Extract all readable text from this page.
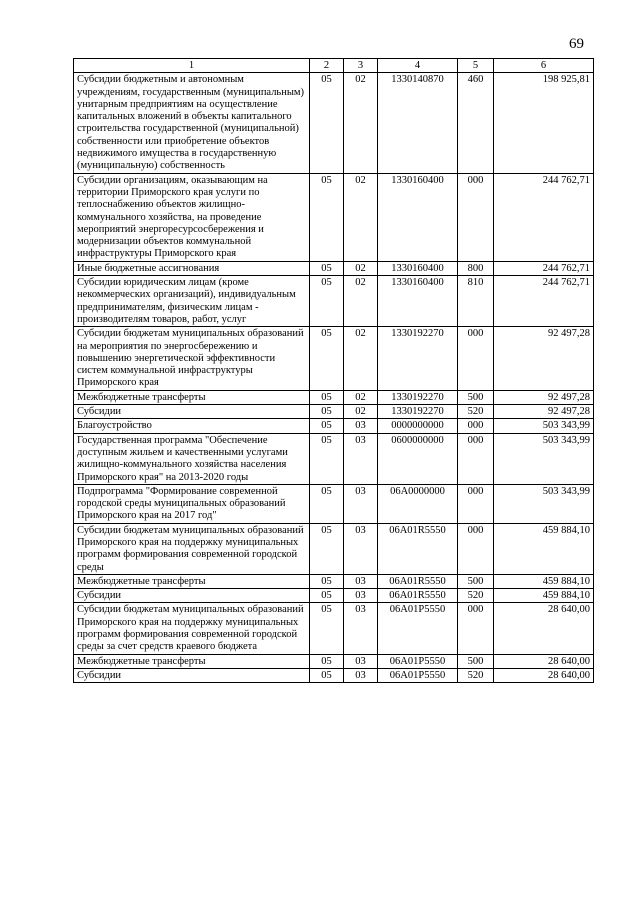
69
1	2	3	4	5	6
Субсидии бюджетным и автономным учреждениям, государственным (муниципальным) унитарным предприятиям на осуществление капитальных вложений в объекты капитального строительства государственной (муниципальной) собственности или приобретение объектов недвижимого имущества в государственную (муниципальную) собственность	05	02	1330140870	460	198 925,81
Субсидии организациям, оказывающим на территории Приморского края услуги по теплоснабжению объектов жилищно-коммунального хозяйства, на проведение мероприятий энергоресурсосбережения и модернизации объектов коммунальной инфраструктуры Приморского края	05	02	1330160400	000	244 762,71
Иные бюджетные ассигнования	05	02	1330160400	800	244 762,71
Субсидии юридическим лицам (кроме некоммерческих организаций), индивидуальным предпринимателям, физическим лицам - производителям товаров, работ, услуг	05	02	1330160400	810	244 762,71
Субсидии бюджетам муниципальных образований на мероприятия по энергосбережению и повышению энергетической эффективности систем коммунальной инфраструктуры Приморского края	05	02	1330192270	000	92 497,28
Межбюджетные трансферты	05	02	1330192270	500	92 497,28
Субсидии	05	02	1330192270	520	92 497,28
Благоустройство	05	03	0000000000	000	503 343,99
Государственная программа "Обеспечение доступным жильем и качественными услугами жилищно-коммунального хозяйства населения Приморского края" на 2013-2020 годы	05	03	0600000000	000	503 343,99
Подпрограмма "Формирование современной городской среды муниципальных образований Приморского края на 2017 год"	05	03	06А0000000	000	503 343,99
Субсидии бюджетам муниципальных образований Приморского края на поддержку муниципальных программ формирования современной городской среды	05	03	06А01R5550	000	459 884,10
Межбюджетные трансферты	05	03	06А01R5550	500	459 884,10
Субсидии	05	03	06А01R5550	520	459 884,10
Субсидии бюджетам муниципальных образований Приморского края на поддержку муниципальных программ формирования современной городской среды за счет средств краевого бюджета	05	03	06А01Р5550	000	28 640,00
Межбюджетные трансферты	05	03	06А01Р5550	500	28 640,00
Субсидии	05	03	06А01Р5550	520	28 640,00
